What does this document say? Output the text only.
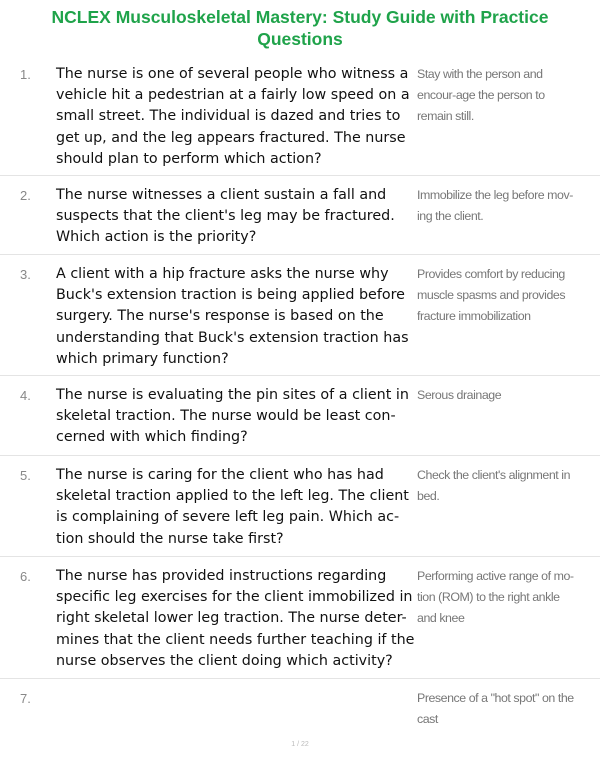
NCLEX Musculoskeletal Mastery: Study Guide with Practice Questions
1. The nurse is one of several people who witness a vehicle hit a pedestrian at a fairly low speed on a small street. The individual is dazed and tries to get up, and the leg appears fractured. The nurse should plan to perform which action?
Stay with the person and encour-age the person to remain still.
2. The nurse witnesses a client sustain a fall and suspects that the client's leg may be fractured. Which action is the priority?
Immobilize the leg before mov-ing the client.
3. A client with a hip fracture asks the nurse why Buck's extension traction is being applied before surgery. The nurse's response is based on the understanding that Buck's extension traction has which primary function?
Provides comfort by reducing muscle spasms and provides fracture immobilization
4. The nurse is evaluating the pin sites of a client in skeletal traction. The nurse would be least con-cerned with which finding?
Serous drainage
5. The nurse is caring for the client who has had skeletal traction applied to the left leg. The client is complaining of severe left leg pain. Which ac-tion should the nurse take first?
Check the client's alignment in bed.
6. The nurse has provided instructions regarding specific leg exercises for the client immobilized in right skeletal lower leg traction. The nurse deter-mines that the client needs further teaching if the nurse observes the client doing which activity?
Performing active range of mo-tion (ROM) to the right ankle and knee
7.	Presence of a "hot spot" on the cast
1 / 22
